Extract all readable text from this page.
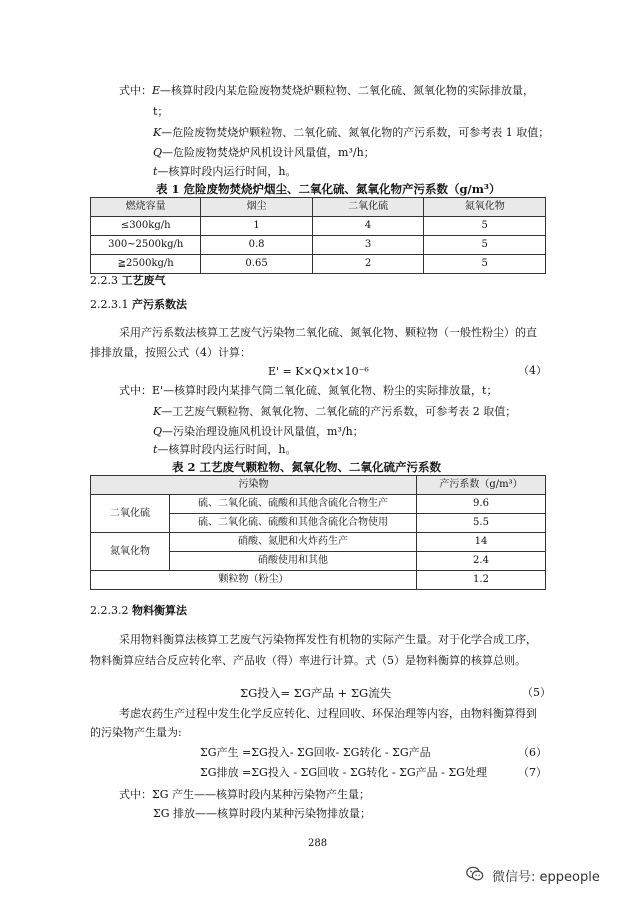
式中：E—核算时段内某危险废物焚烧炉颗粒物、二氧化硫、氮氧化物的实际排放量，
t；
K—危险废物焚烧炉颗粒物、二氧化硫、氮氧化物的产污系数，可参考表 1 取值；
Q—危险废物焚烧炉风机设计风量值，m³/h；
t—核算时段内运行时间，h。
表 1 危险废物焚烧炉烟尘、二氧化硫、氮氧化物产污系数（g/m³）
燃烧容量	烟尘	二氧化硫	氮氧化物
≤300kg/h	1	4	5
300~2500kg/h	0.8	3	5
≧2500kg/h	0.65	2	5
2.2.3 工艺废气
2.2.3.1 产污系数法
采用产污系数法核算工艺废气污染物二氧化硫、氮氧化物、颗粒物（一般性粉尘）的直
排排放量，按照公式（4）计算：
E' = K×Q×t×10⁻⁶	（4）
式中：E'—核算时段内某排气筒二氧化硫、氮氧化物、粉尘的实际排放量，t；
K—工艺废气颗粒物、氮氧化物、二氧化硫的产污系数，可参考表 2 取值；
Q—污染治理设施风机设计风量值，m³/h；
t—核算时段内运行时间，h。
表 2 工艺废气颗粒物、氮氧化物、二氧化硫产污系数
污染物		产污系数（g/m³）
二氧化硫	硫、二氧化硫、硫酸和其他含硫化合物生产	9.6
	硫、二氧化硫、硫酸和其他含硫化合物使用	5.5
氮氧化物	硝酸、氮肥和火炸药生产	14
	硝酸使用和其他	2.4
颗粒物（粉尘）		1.2
2.2.3.2 物料衡算法
采用物料衡算法核算工艺废气污染物挥发性有机物的实际产生量。对于化学合成工序，
物料衡算应结合反应转化率、产品收（得）率进行计算。式（5）是物料衡算的核算总则。
ΣG投入= ΣG产品 + ΣG流失	（5）
考虑农药生产过程中发生化学反应转化、过程回收、环保治理等内容，由物料衡算得到
的污染物产生量为:
ΣG产生 =ΣG投入- ΣG回收- ΣG转化 - ΣG产品	（6）
ΣG排放 =ΣG投入 - ΣG回收 - ΣG转化 - ΣG产品 - ΣG处理	（7）
式中：ΣG 产生——核算时段内某种污染物产生量；
ΣG 排放——核算时段内某种污染物排放量；
288
微信号: eppeople
